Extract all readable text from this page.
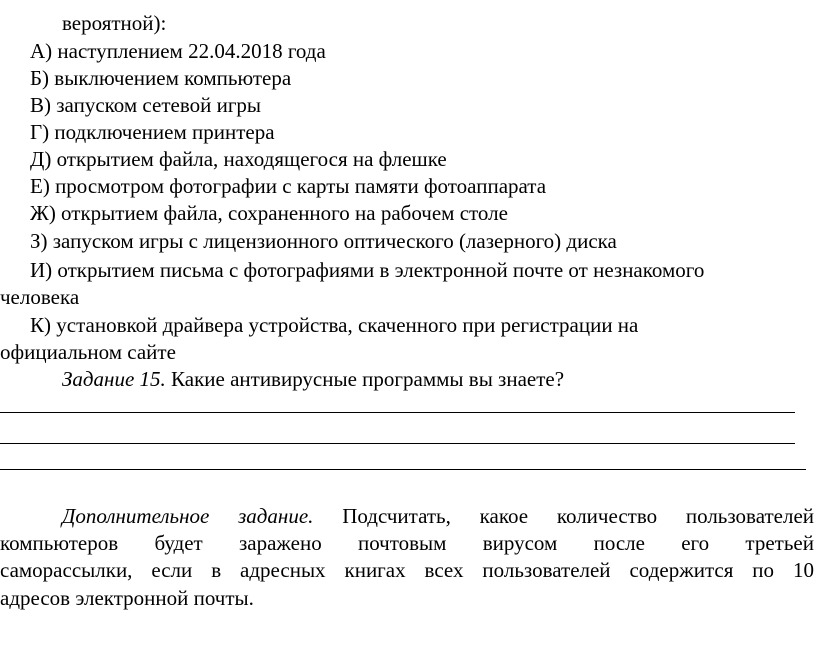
вероятной):
А) наступлением 22.04.2018 года
Б) выключением компьютера
В) запуском сетевой игры
Г) подключением принтера
Д) открытием файла, находящегося на флешке
Е) просмотром фотографии с карты памяти фотоаппарата
Ж) открытием файла, сохраненного на рабочем столе
З) запуском игры с лицензионного оптического (лазерного) диска
И) открытием письма с фотографиями в электронной почте от незнакомого
человека
К) установкой драйвера устройства, скаченного при регистрации на
официальном сайте
Задание 15. Какие антивирусные программы вы знаете?
Дополнительное задание. Подсчитать, какое количество пользователей
компьютеров будет заражено почтовым вирусом после его третьей
саморассылки, если в адресных книгах всех пользователей содержится по 10
адресов электронной почты.
